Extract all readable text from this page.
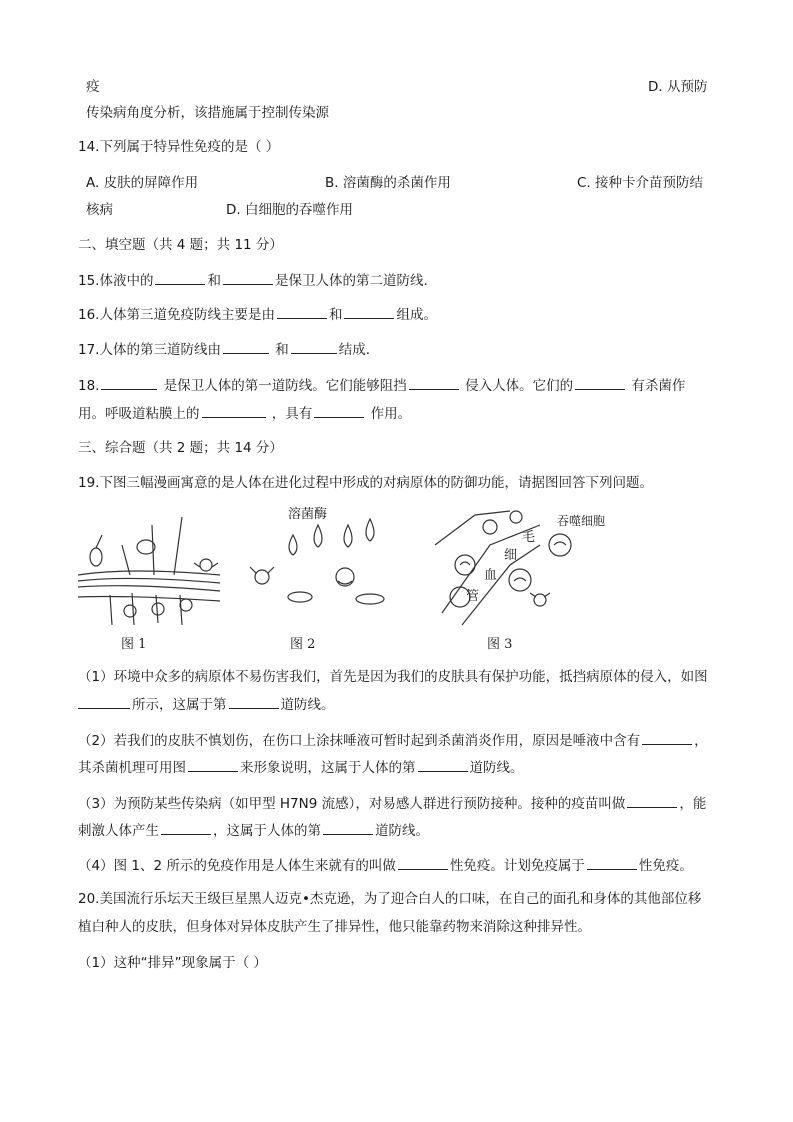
疫	D. 从预防
传染病角度分析，该措施属于控制传染源
14.下列属于特异性免疫的是（ ）
A. 皮肤的屏障作用	B. 溶菌酶的杀菌作用	C. 接种卡介苗预防结
核病	D. 白细胞的吞噬作用
二、填空题（共 4 题；共 11 分）
15.体液中的	和	是保卫人体的第二道防线.
16.人体第三道免疫防线主要是由	和	组成。
17.人体的第三道防线由	和	结成.
18.	是保卫人体的第一道防线。它们能够阻挡	侵入人体。它们的	有杀菌作
用。呼吸道粘膜上的	，具有	作用。
三、综合题（共 2 题；共 14 分）
19.下图三幅漫画寓意的是人体在进化过程中形成的对病原体的防御功能，请据图回答下列问题。
溶菌酶	吞噬细胞
毛
细
血
管
图 1	图 2	图 3
（1）环境中众多的病原体不易伤害我们，首先是因为我们的皮肤具有保护功能，抵挡病原体的侵入，如图
所示，这属于第	道防线。
（2）若我们的皮肤不慎划伤，在伤口上涂抹唾液可暂时起到杀菌消炎作用，原因是唾液中含有	，
其杀菌机理可用图	来形象说明，这属于人体的第	道防线。
（3）为预防某些传染病（如甲型 H7N9 流感），对易感人群进行预防接种。接种的疫苗叫做	，能
刺激人体产生	，这属于人体的第	道防线。
（4）图 1、2 所示的免疫作用是人体生来就有的叫做	性免疫。计划免疫属于	性免疫。
20.美国流行乐坛天王级巨星黑人迈克•杰克逊，为了迎合白人的口味，在自己的面孔和身体的其他部位移
植白种人的皮肤，但身体对异体皮肤产生了排异性，他只能靠药物来消除这种排异性。
（1）这种“排异”现象属于（ ）
